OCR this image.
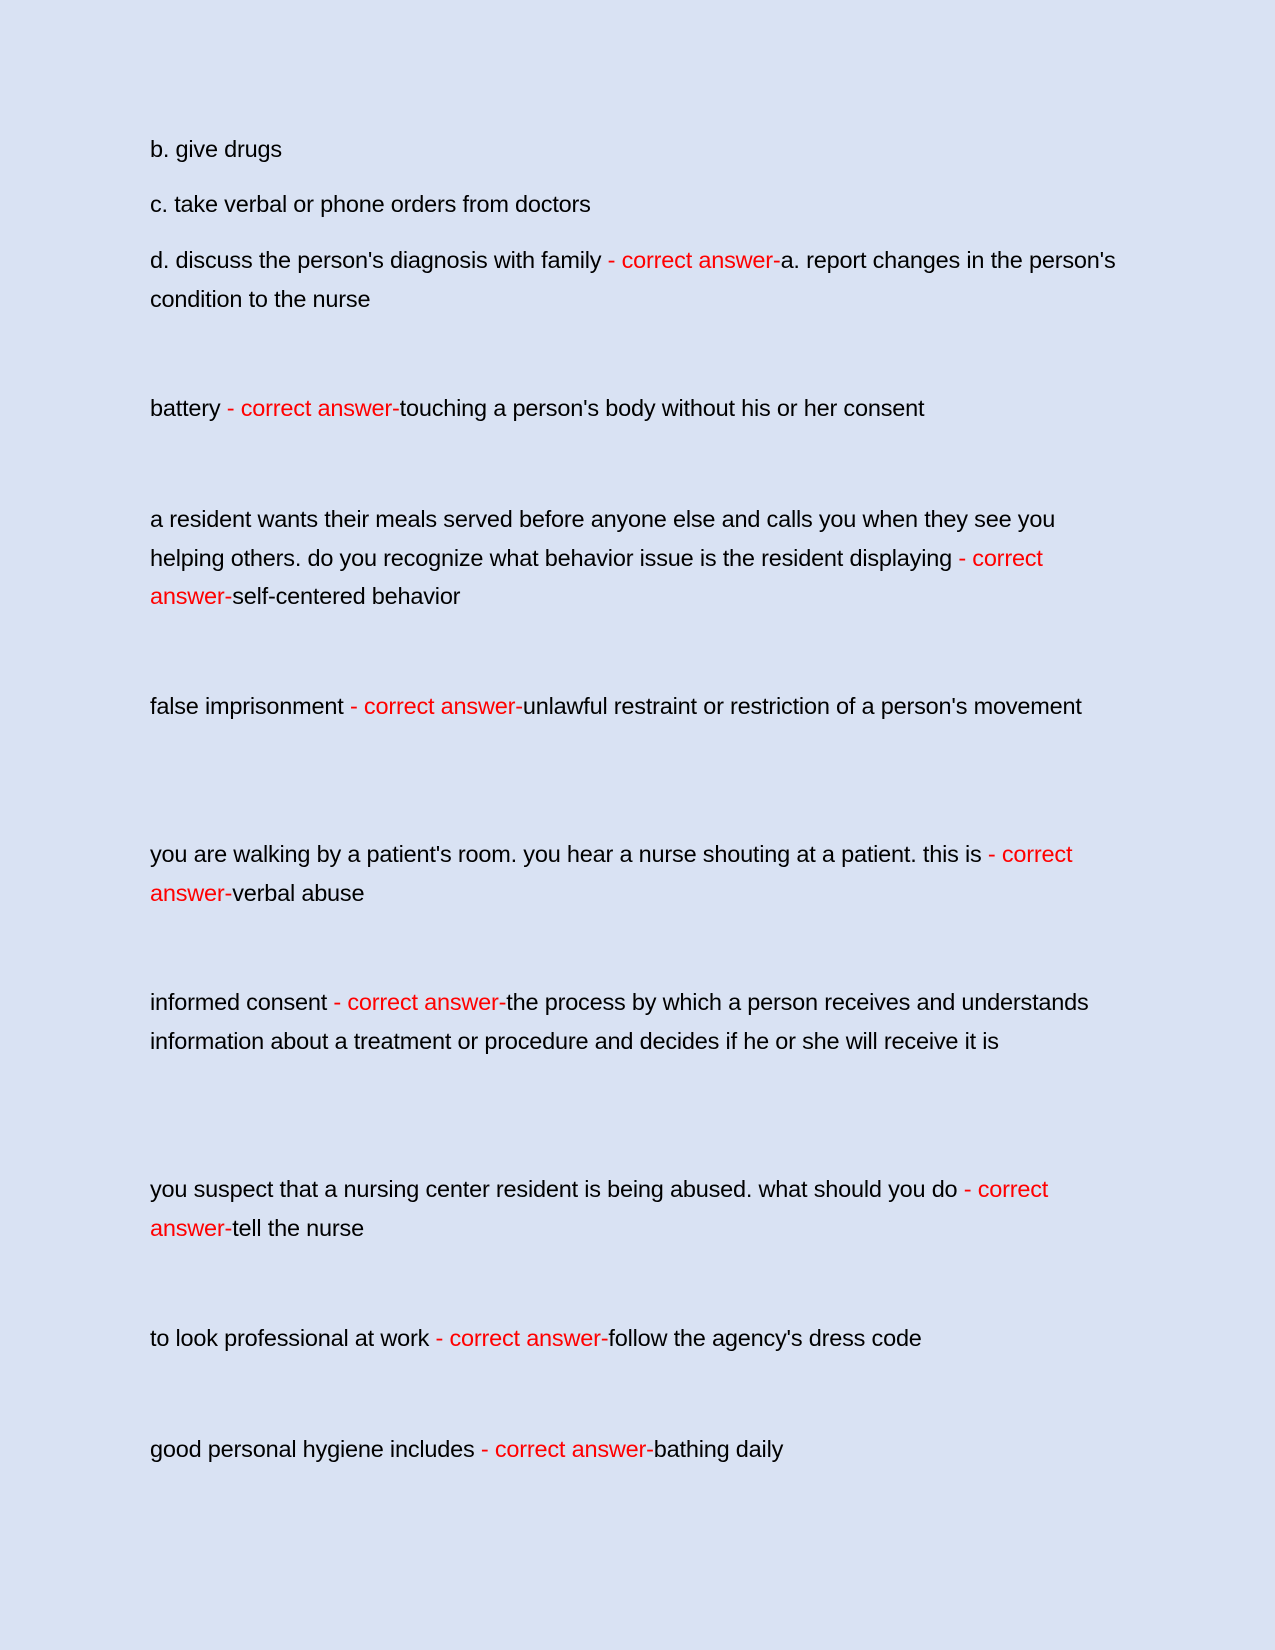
b. give drugs

c. take verbal or phone orders from doctors

d. discuss the person's diagnosis with family - correct answer-a. report changes in the person's condition to the nurse

battery - correct answer-touching a person's body without his or her consent

a resident wants their meals served before anyone else and calls you when they see you helping others. do you recognize what behavior issue is the resident displaying - correct answer-self-centered behavior

false imprisonment - correct answer-unlawful restraint or restriction of a person's movement

you are walking by a patient's room. you hear a nurse shouting at a patient. this is - correct answer-verbal abuse

informed consent - correct answer-the process by which a person receives and understands information about a treatment or procedure and decides if he or she will receive it is

you suspect that a nursing center resident is being abused. what should you do - correct answer-tell the nurse

to look professional at work - correct answer-follow the agency's dress code

good personal hygiene includes - correct answer-bathing daily
